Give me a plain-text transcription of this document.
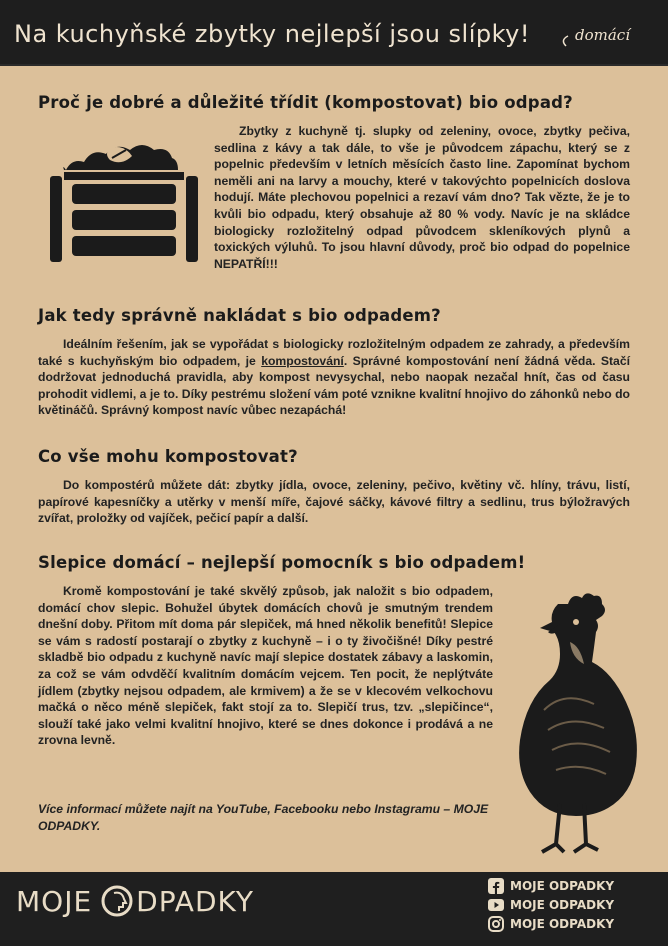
Na kuchyňské zbytky nejlepší jsou slípky!	domácí
Proč je dobré a důležité třídit (kompostovat) bio odpad?
Zbytky z kuchyně tj. slupky od zeleniny, ovoce, zbytky pečiva, sedlina z kávy a tak dále, to vše je původcem zápachu, který se z popelnic především v letních měsících často line. Zapomínat bychom neměli ani na larvy a mouchy, které v takovýchto popelnicích doslova hodují. Máte plechovou popelnici a rezaví vám dno? Tak vězte, že je to kvůli bio odpadu, který obsahuje až 80 % vody. Navíc je na skládce biologicky rozložitelný odpad původcem skleníkových plynů a toxických výluhů. To jsou hlavní důvody, proč bio odpad do popelnice NEPATŘÍ!!!
Jak tedy správně nakládat s bio odpadem?
Ideálním řešením, jak se vypořádat s biologicky rozložitelným odpadem ze zahrady, a především také s kuchyňským bio odpadem, je kompostování. Správné kompostování není žádná věda. Stačí dodržovat jednoduchá pravidla, aby kompost nevysychal, nebo naopak nezačal hnít, čas od času prohodit vidlemi, a je to. Díky pestrému složení vám poté vznikne kvalitní hnojivo do záhonků nebo do květináčů. Správný kompost navíc vůbec nezapáchá!
Co vše mohu kompostovat?
Do kompostérů můžete dát: zbytky jídla, ovoce, zeleniny, pečivo, květiny vč. hlíny, trávu, listí, papírové kapesníčky a utěrky v menší míře, čajové sáčky, kávové filtry a sedlinu, trus býložravých zvířat, proložky od vajíček, pečicí papír a další.
Slepice domácí – nejlepší pomocník s bio odpadem!
Kromě kompostování je také skvělý způsob, jak naložit s bio odpadem, domácí chov slepic. Bohužel úbytek domácích chovů je smutným trendem dnešní doby. Přitom mít doma pár slepiček, má hned několik benefitů! Slepice se vám s radostí postarají o zbytky z kuchyně – i o ty živočišné! Díky pestré skladbě bio odpadu z kuchyně navíc mají slepice dostatek zábavy a laskomin, za což se vám odvděčí kvalitním domácím vejcem. Ten pocit, že neplýtváte jídlem (zbytky nejsou odpadem, ale krmivem) a že se v klecovém velkochovu mačká o něco méně slepiček, fakt stojí za to. Slepičí trus, tzv. „slepičince“, slouží také jako velmi kvalitní hnojivo, které se dnes dokonce i prodává a ne zrovna levně.
Více informací můžete najít na YouTube, Facebooku nebo Instagramu – MOJE ODPADKY.
MOJE DPADKY	MOJE ODPADKY
MOJE ODPADKY
MOJE ODPADKY
